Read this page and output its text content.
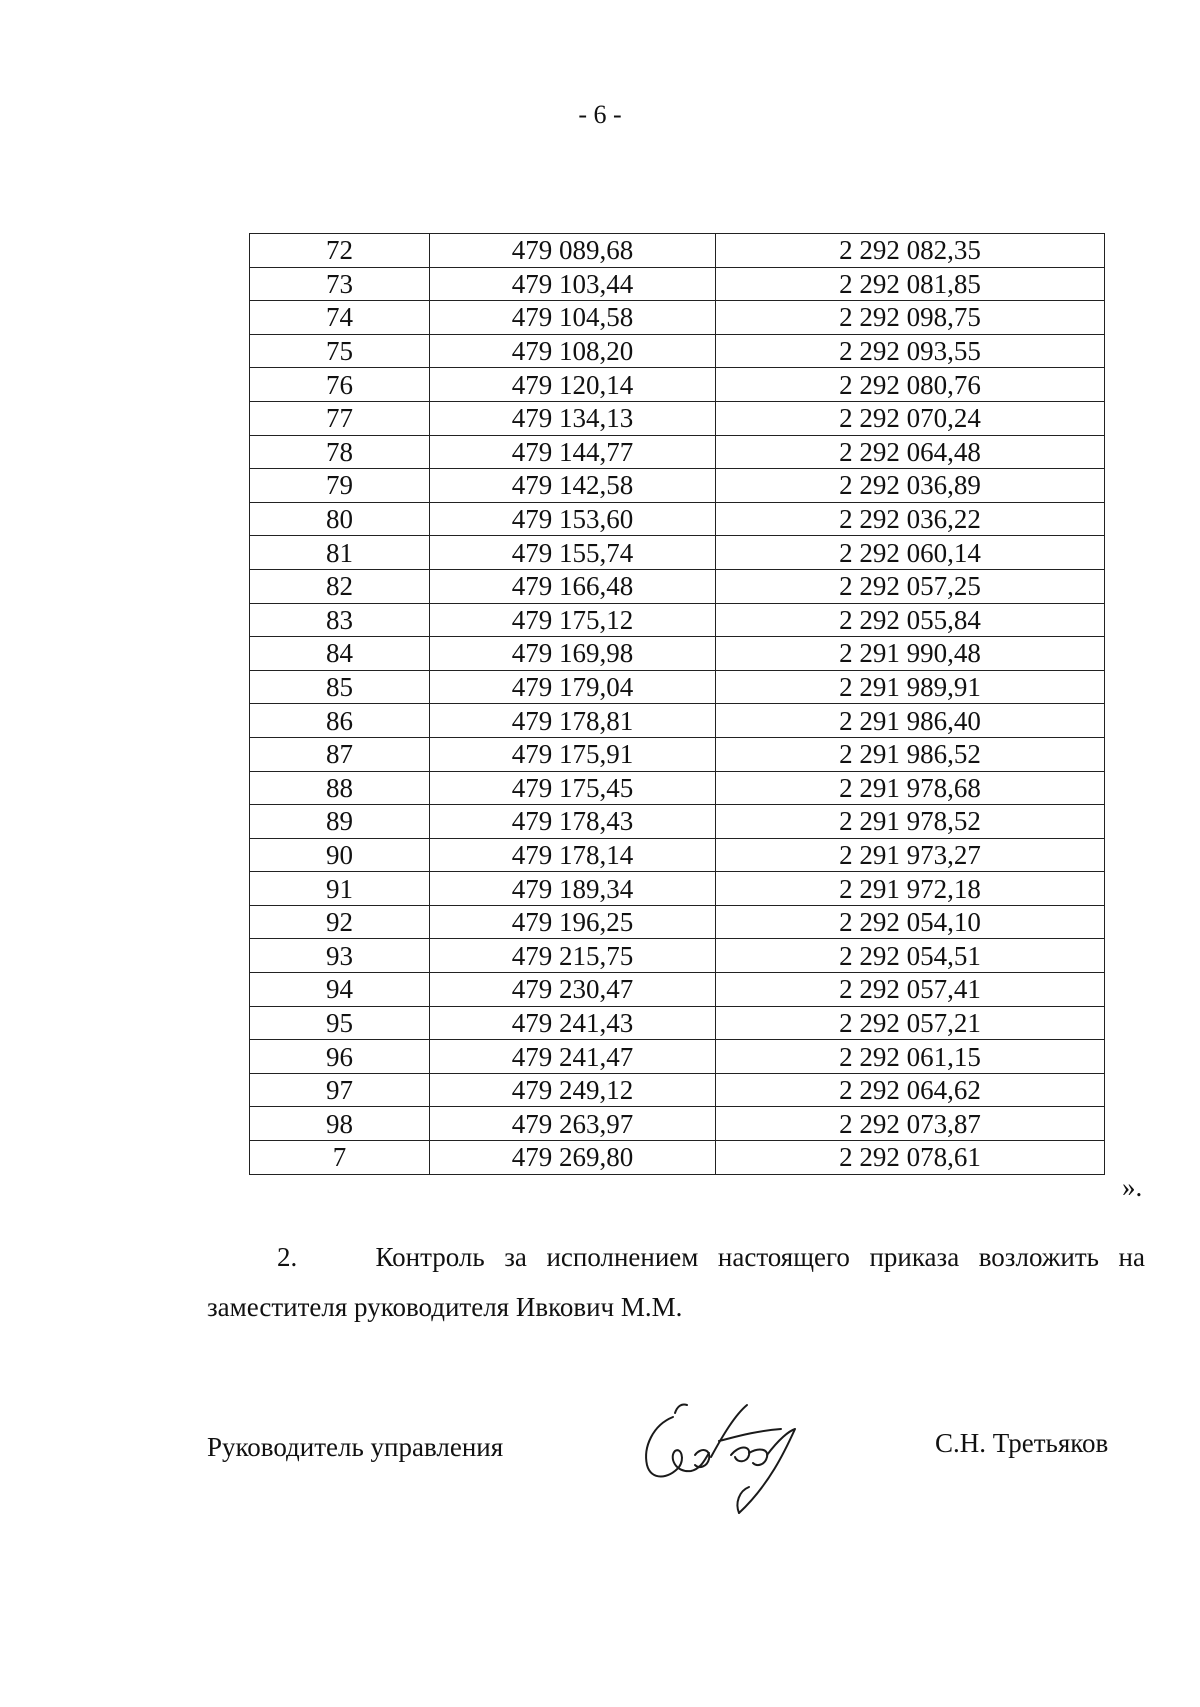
- 6 -
72	479 089,68	2 292 082,35
73	479 103,44	2 292 081,85
74	479 104,58	2 292 098,75
75	479 108,20	2 292 093,55
76	479 120,14	2 292 080,76
77	479 134,13	2 292 070,24
78	479 144,77	2 292 064,48
79	479 142,58	2 292 036,89
80	479 153,60	2 292 036,22
81	479 155,74	2 292 060,14
82	479 166,48	2 292 057,25
83	479 175,12	2 292 055,84
84	479 169,98	2 291 990,48
85	479 179,04	2 291 989,91
86	479 178,81	2 291 986,40
87	479 175,91	2 291 986,52
88	479 175,45	2 291 978,68
89	479 178,43	2 291 978,52
90	479 178,14	2 291 973,27
91	479 189,34	2 291 972,18
92	479 196,25	2 292 054,10
93	479 215,75	2 292 054,51
94	479 230,47	2 292 057,41
95	479 241,43	2 292 057,21
96	479 241,47	2 292 061,15
97	479 249,12	2 292 064,62
98	479 263,97	2 292 073,87
7	479 269,80	2 292 078,61
».
2.    Контроль за исполнением настоящего приказа возложить на
заместителя руководителя Ивкович М.М.
Руководитель управления	С.Н. Третьяков
